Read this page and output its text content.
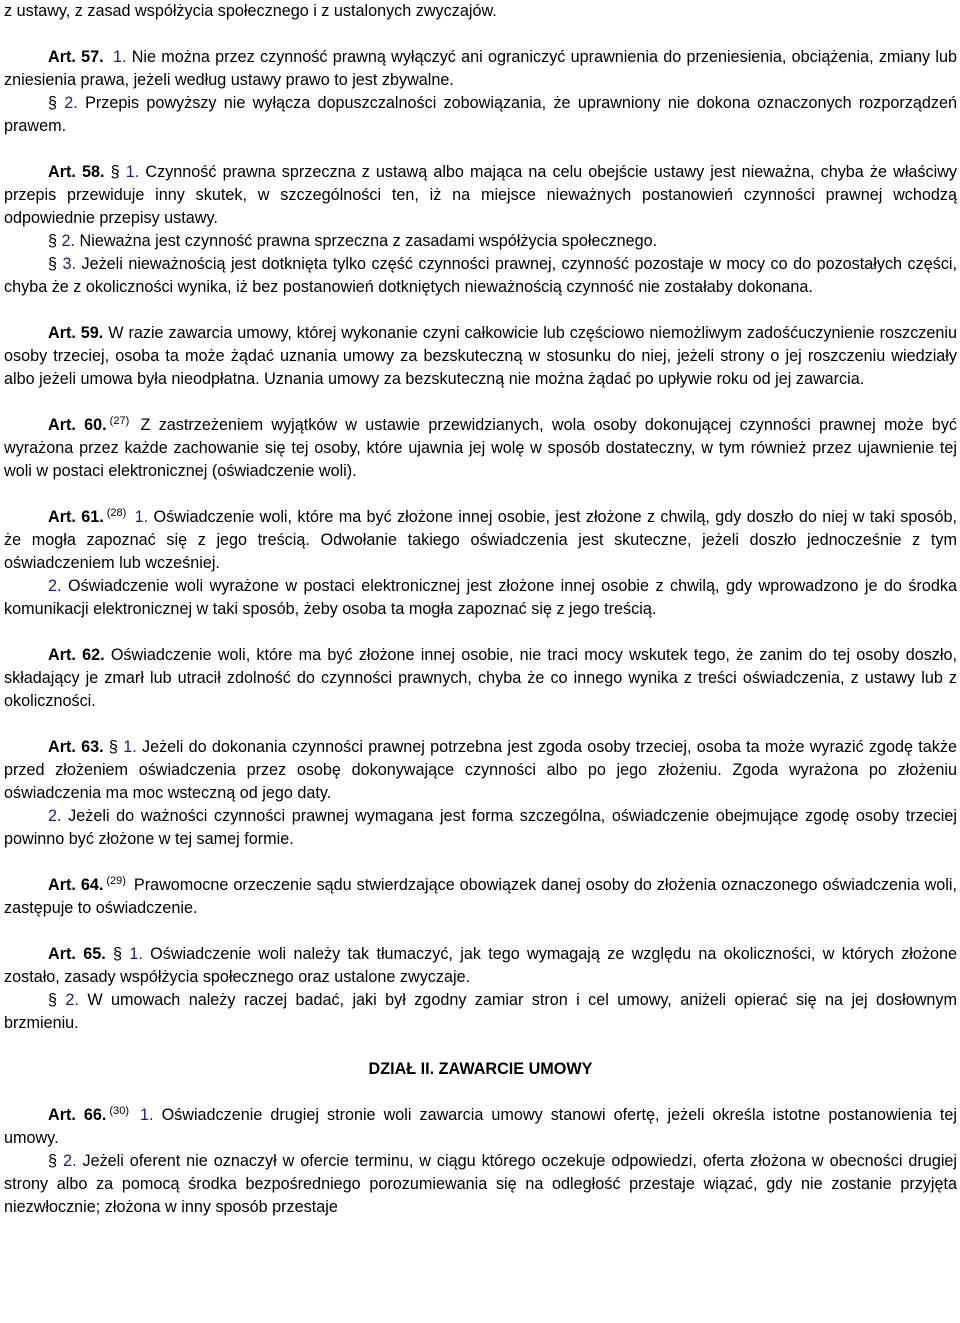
z ustawy, z zasad współżycia społecznego i z ustalonych zwyczajów.

Art. 57. 1. Nie można przez czynność prawną wyłączyć ani ograniczyć uprawnienia do przeniesienia, obciążenia, zmiany lub zniesienia prawa, jeżeli według ustawy prawo to jest zbywalne.

§ 2. Przepis powyższy nie wyłącza dopuszczalności zobowiązania, że uprawniony nie dokona oznaczonych rozporządzeń prawem.

Art. 58. § 1. Czynność prawna sprzeczna z ustawą albo mająca na celu obejście ustawy jest nieważna, chyba że właściwy przepis przewiduje inny skutek, w szczególności ten, iż na miejsce nieważnych postanowień czynności prawnej wchodzą odpowiednie przepisy ustawy.

§ 2. Nieważna jest czynność prawna sprzeczna z zasadami współżycia społecznego.

§ 3. Jeżeli nieważnością jest dotknięta tylko część czynności prawnej, czynność pozostaje w mocy co do pozostałych części, chyba że z okoliczności wynika, iż bez postanowień dotkniętych nieważnością czynność nie zostałaby dokonana.

Art. 59. W razie zawarcia umowy, której wykonanie czyni całkowicie lub częściowo niemożliwym zadośćuczynienie roszczeniu osoby trzeciej, osoba ta może żądać uznania umowy za bezskuteczną w stosunku do niej, jeżeli strony o jej roszczeniu wiedziały albo jeżeli umowa była nieodpłatna. Uznania umowy za bezskuteczną nie można żądać po upływie roku od jej zawarcia.

Art. 60. $^{(27)}$ Z zastrzeżeniem wyjątków w ustawie przewidzianych, wola osoby dokonującej czynności prawnej może być wyrażona przez każde zachowanie się tej osoby, które ujawnia jej wolę w sposób dostateczny, w tym również przez ujawnienie tej woli w postaci elektronicznej (oświadczenie woli).

Art. 61. $^{(28)}$ 1. Oświadczenie woli, które ma być złożone innej osobie, jest złożone z chwilą, gdy doszło do niej w taki sposób, że mogła zapoznać się z jego treścią. Odwołanie takiego oświadczenia jest skuteczne, jeżeli doszło jednocześnie z tym oświadczeniem lub wcześniej.

2. Oświadczenie woli wyrażone w postaci elektronicznej jest złożone innej osobie z chwilą, gdy wprowadzono je do środka komunikacji elektronicznej w taki sposób, żeby osoba ta mogła zapoznać się z jego treścią.

Art. 62. Oświadczenie woli, które ma być złożone innej osobie, nie traci mocy wskutek tego, że zanim do tej osoby doszło, składający je zmarł lub utracił zdolność do czynności prawnych, chyba że co innego wynika z treści oświadczenia, z ustawy lub z okoliczności.

Art. 63. § 1. Jeżeli do dokonania czynności prawnej potrzebna jest zgoda osoby trzeciej, osoba ta może wyrazić zgodę także przed złożeniem oświadczenia przez osobę dokonywające czynności albo po jego złożeniu. Zgoda wyrażona po złożeniu oświadczenia ma moc wsteczną od jego daty.

2. Jeżeli do ważności czynności prawnej wymagana jest forma szczególna, oświadczenie obejmujące zgodę osoby trzeciej powinno być złożone w tej samej formie.

Art. 64. $^{(29)}$ Prawomocne orzeczenie sądu stwierdzające obowiązek danej osoby do złożenia oznaczonego oświadczenia woli, zastępuje to oświadczenie.

Art. 65. § 1. Oświadczenie woli należy tak tłumaczyć, jak tego wymagają ze względu na okoliczności, w których złożone zostało, zasady współżycia społecznego oraz ustalone zwyczaje.

§ 2. W umowach należy raczej badać, jaki był zgodny zamiar stron i cel umowy, aniżeli opierać się na jej dosłownym brzmieniu.

DZIAŁ II. ZAWARCIE UMOWY

Art. 66. $^{(30)}$ 1. Oświadczenie drugiej stronie woli zawarcia umowy stanowi ofertę, jeżeli określa istotne postanowienia tej umowy.

§ 2. Jeżeli oferent nie oznaczył w ofercie terminu, w ciągu którego oczekuje odpowiedzi, oferta złożona w obecności drugiej strony albo za pomocą środka bezpośredniego porozumiewania się na odległość przestaje wiązać, gdy nie zostanie przyjęta niezwłocznie; złożona w inny sposób przestaje
